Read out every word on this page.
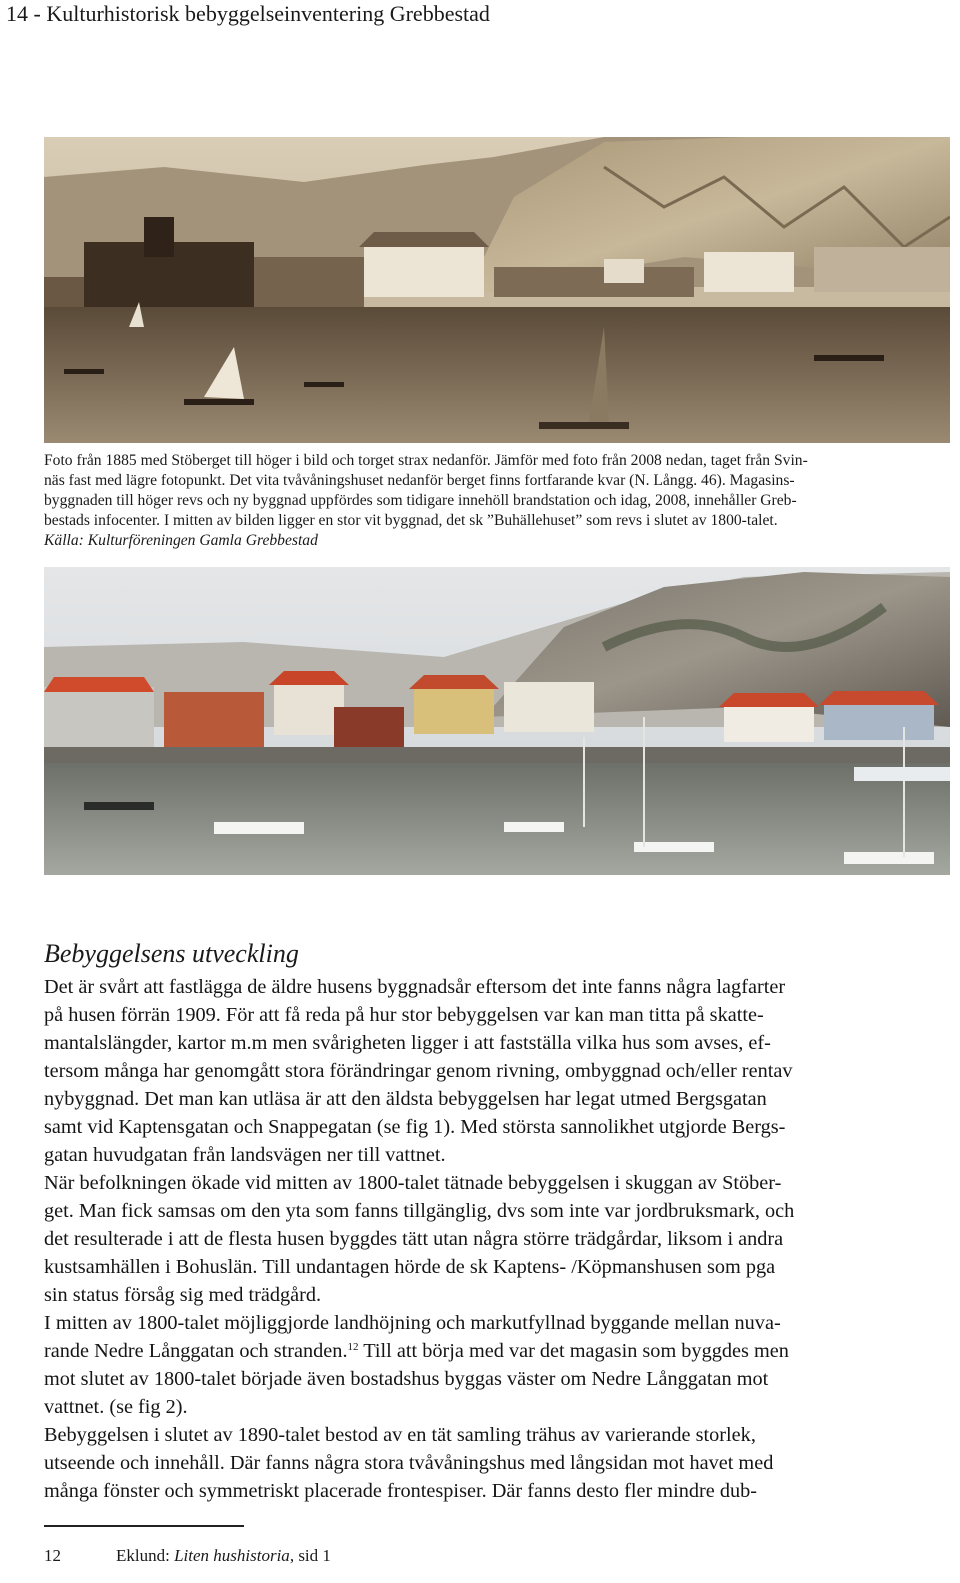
14 - Kulturhistorisk bebyggelseinventering Grebbestad
Foto från 1885 med Stöberget till höger i bild och torget strax nedanför. Jämför med foto från 2008 nedan, taget från Svin-
näs fast med lägre fotopunkt. Det vita tvåvåningshuset nedanför berget finns fortfarande kvar (N. Långg. 46). Magasins-
byggnaden till höger revs och ny byggnad uppfördes som tidigare innehöll brandstation och idag, 2008, innehåller Greb-
bestads infocenter. I mitten av bilden ligger en stor vit byggnad, det sk ”Buhällehuset” som revs i slutet av 1800-talet.
Källa: Kulturföreningen Gamla Grebbestad
Bebyggelsens utveckling
Det är svårt att fastlägga de äldre husens byggnadsår eftersom det inte fanns några lagfarter
på husen förrän 1909. För att få reda på hur stor bebyggelsen var kan man titta på skatte-
mantalslängder, kartor m.m men svårigheten ligger i att fastställa vilka hus som avses, ef-
tersom många har genomgått stora förändringar genom rivning, ombyggnad och/eller rentav
nybyggnad. Det man kan utläsa är att den äldsta bebyggelsen har legat utmed Bergsgatan
samt vid Kaptensgatan och Snappegatan (se fig 1). Med största sannolikhet utgjorde Bergs-
gatan huvudgatan från landsvägen ner till vattnet.
När befolkningen ökade vid mitten av 1800-talet tätnade bebyggelsen i skuggan av Stöber-
get. Man fick samsas om den yta som fanns tillgänglig, dvs som inte var jordbruksmark, och
det resulterade i att de flesta husen byggdes tätt utan några större trädgårdar, liksom i andra
kustsamhällen i Bohuslän. Till undantagen hörde de sk Kaptens- /Köpmanshusen som pga
sin status försåg sig med trädgård.
I mitten av 1800-talet möjliggjorde landhöjning och markutfyllnad byggande mellan nuva-
rande Nedre Långgatan och stranden.$^{12}$ Till att börja med var det magasin som byggdes men
mot slutet av 1800-talet började även bostadshus byggas väster om Nedre Långgatan mot
vattnet. (se fig 2).
Bebyggelsen i slutet av 1890-talet bestod av en tät samling trähus av varierande storlek,
utseende och innehåll. Där fanns några stora tvåvåningshus med långsidan mot havet med
många fönster och symmetriskt placerade frontespiser. Där fanns desto fler mindre dub-
12	Eklund: Liten hushistoria, sid 1
